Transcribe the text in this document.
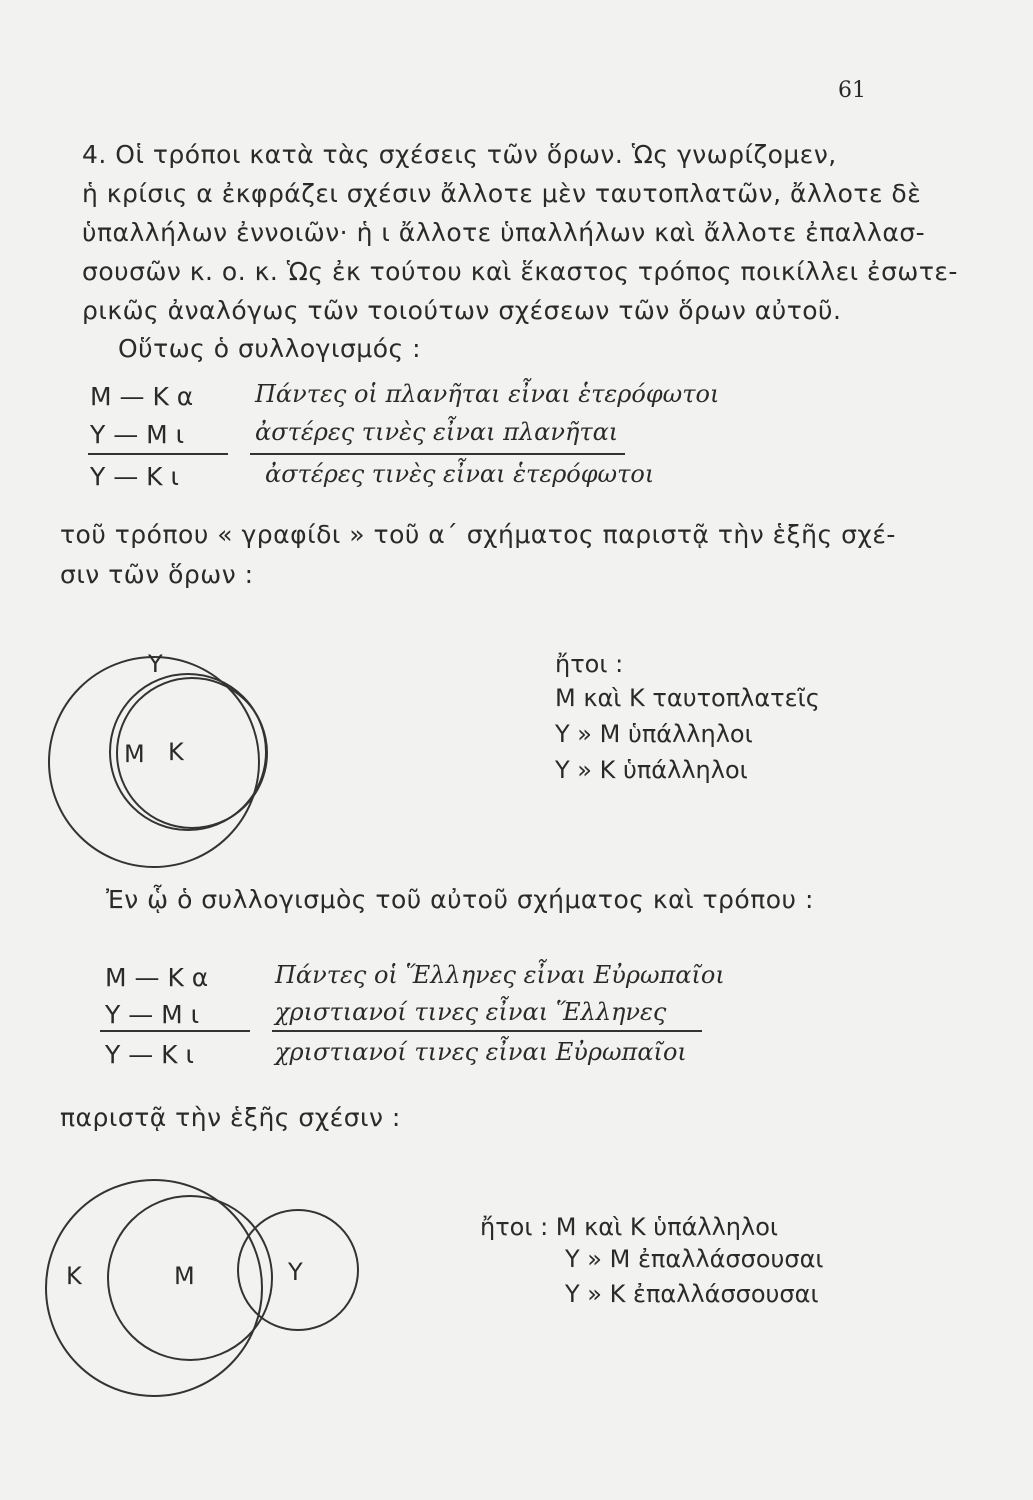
61
4. Οἱ τρόποι κατὰ τὰς σχέσεις τῶν ὅρων. Ὡς γνωρίζομεν,
ἡ κρίσις α ἐκφράζει σχέσιν ἄλλοτε μὲν ταυτοπλατῶν, ἄλλοτε δὲ
ὑπαλλήλων ἐννοιῶν· ἡ ι ἄλλοτε ὑπαλλήλων καὶ ἄλλοτε ἐπαλλασ-
σουσῶν κ. ο. κ. Ὡς ἐκ τούτου καὶ ἕκαστος τρόπος ποικίλλει ἐσωτε-
ρικῶς ἀναλόγως τῶν τοιούτων σχέσεων τῶν ὅρων αὐτοῦ.
Οὕτως ὁ συλλογισμός :
Μ — Κ α	Πάντες οἱ πλανῆται εἶναι ἑτερόφωτοι
Υ — Μ ι	ἀστέρες τινὲς εἶναι πλανῆται
Υ — Κ ι	ἀστέρες τινὲς εἶναι ἑτερόφωτοι
τοῦ τρόπου « γραφίδι » τοῦ α΄ σχήματος παριστᾷ τὴν ἑξῆς σχέ-
σιν τῶν ὅρων :
Υ
Μ Κ
ἤτοι :
Μ καὶ Κ ταυτοπλατεῖς
Υ » Μ ὑπάλληλοι
Υ » Κ ὑπάλληλοι
Ἐν ᾧ ὁ συλλογισμὸς τοῦ αὐτοῦ σχήματος καὶ τρόπου :
Μ — Κ α	Πάντες οἱ Ἕλληνες εἶναι Εὐρωπαῖοι
Υ — Μ ι	χριστιανοί τινες εἶναι Ἕλληνες
Υ — Κ ι	χριστιανοί τινες εἶναι Εὐρωπαῖοι
παριστᾷ τὴν ἑξῆς σχέσιν :
Κ	Μ	Υ
ἤτοι : Μ καὶ Κ ὑπάλληλοι
Υ » Μ ἐπαλλάσσουσαι
Υ » Κ ἐπαλλάσσουσαι
